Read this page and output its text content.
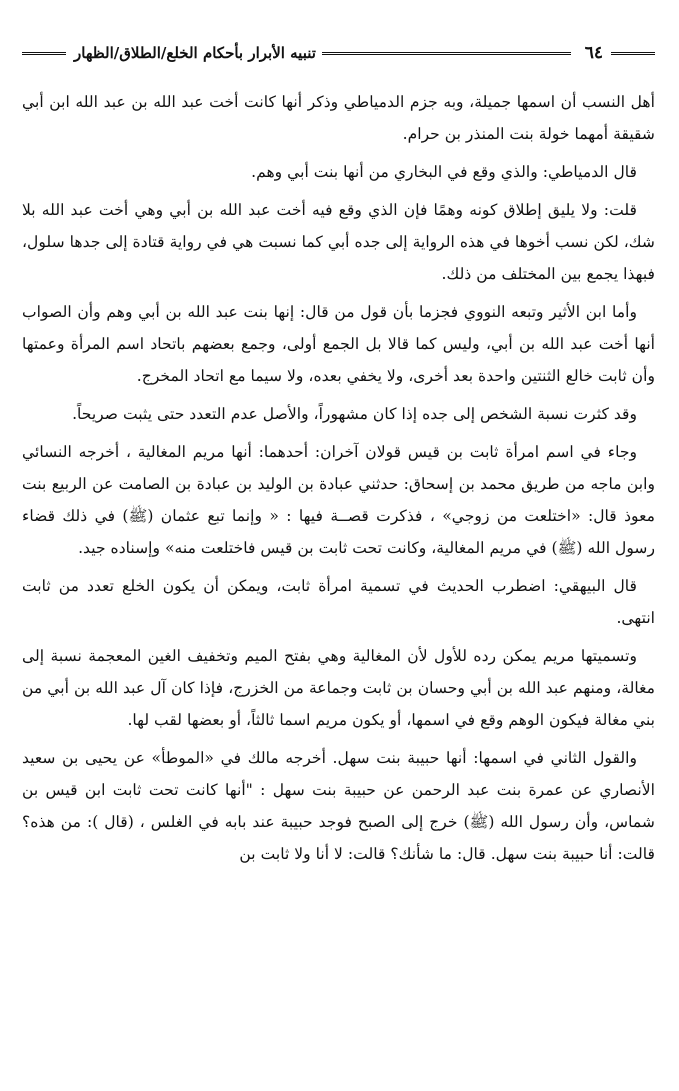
٦٤
تنبيه الأبرار بأحكام الخلع/الطلاق/الظهار

أهل النسب أن اسمها جميلة، وبه جزم الدمياطي وذكر أنها كانت أخت عبد الله بن عبد الله ابن أبي شقيقة أمهما خولة بنت المنذر بن حرام.

قال الدمياطي: والذي وقع في البخاري من أنها بنت أبي وهم.

قلت: ولا يليق إطلاق كونه وهمًا فإن الذي وقع فيه أخت عبد الله بن أبي وهي أخت عبد الله بلا شك، لكن نسب أخوها في هذه الرواية إلى جده أبي كما نسبت هي في رواية قتادة إلى جدها سلول، فبهذا يجمع بين المختلف من ذلك.

وأما ابن الأثير وتبعه النووي فجزما بأن قول من قال: إنها بنت عبد الله بن أبي وهم وأن الصواب أنها أخت عبد الله بن أبي، وليس كما قالا بل الجمع أولى، وجمع بعضهم باتحاد اسم المرأة وعمتها وأن ثابت خالع الثنتين واحدة بعد أخرى، ولا يخفي بعده، ولا سيما مع اتحاد المخرج.

وقد كثرت نسبة الشخص إلى جده إذا كان مشهوراً، والأصل عدم التعدد حتى يثبت صريحاً.

وجاء في اسم امرأة ثابت بن قيس قولان آخران: أحدهما: أنها مريم المغالية ، أخرجه النسائي وابن ماجه من طريق محمد بن إسحاق: حدثني عبادة بن الوليد بن عبادة بن الصامت عن الربيع بنت معوذ قال: «اختلعت من زوجي» ، فذكرت قصــة فيها : « وإنما تبع عثمان (ﷺ) في ذلك قضاء رسول الله (ﷺ) في مريم المغالية، وكانت تحت ثابت بن قيس فاختلعت منه» وإسناده جيد.

قال البيهقي: اضطرب الحديث في تسمية امرأة ثابت، ويمكن أن يكون الخلع تعدد من ثابت انتهى.

وتسميتها مريم يمكن رده للأول لأن المغالية وهي بفتح الميم وتخفيف الغين المعجمة نسبة إلى مغالة، ومنهم عبد الله بن أبي وحسان بن ثابت وجماعة من الخزرج، فإذا كان آل عبد الله بن أبي من بني مغالة فيكون الوهم وقع في اسمها، أو يكون مريم اسما ثالثاً، أو بعضها لقب لها.

والقول الثاني في اسمها: أنها حبيبة بنت سهل. أخرجه مالك في «الموطأ» عن يحيى بن سعيد الأنصاري عن عمرة بنت عبد الرحمن عن حبيبة بنت سهل : "أنها كانت تحت ثابت ابن قيس بن شماس، وأن رسول الله (ﷺ) خرج إلى الصبح فوجد حبيبة عند بابه في الغلس ، (قال ): من هذه؟ قالت: أنا حبيبة بنت سهل. قال: ما شأنك؟ قالت: لا أنا ولا ثابت بن
